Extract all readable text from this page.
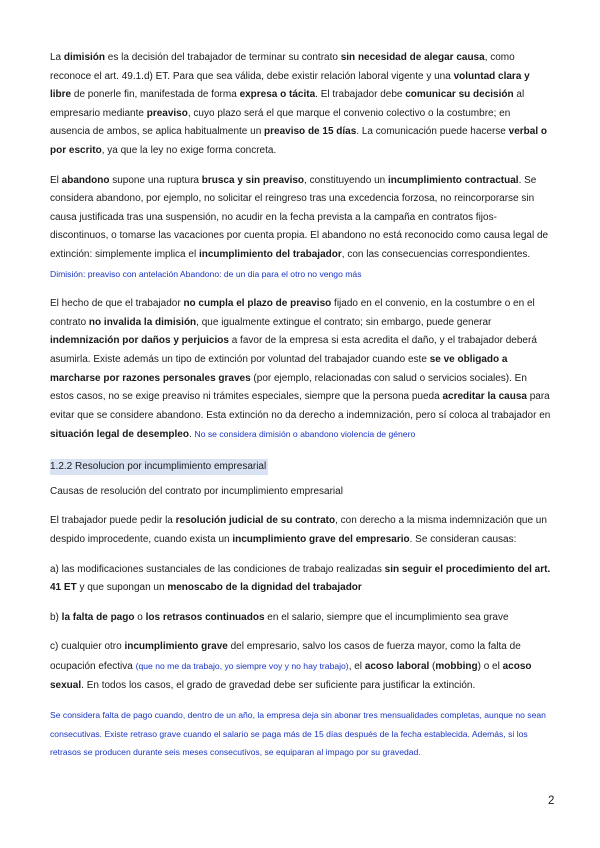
La dimisión es la decisión del trabajador de terminar su contrato sin necesidad de alegar causa, como reconoce el art. 49.1.d) ET. Para que sea válida, debe existir relación laboral vigente y una voluntad clara y libre de ponerle fin, manifestada de forma expresa o tácita. El trabajador debe comunicar su decisión al empresario mediante preaviso, cuyo plazo será el que marque el convenio colectivo o la costumbre; en ausencia de ambos, se aplica habitualmente un preaviso de 15 días. La comunicación puede hacerse verbal o por escrito, ya que la ley no exige forma concreta.

El abandono supone una ruptura brusca y sin preaviso, constituyendo un incumplimiento contractual. Se considera abandono, por ejemplo, no solicitar el reingreso tras una excedencia forzosa, no reincorporarse sin causa justificada tras una suspensión, no acudir en la fecha prevista a la campaña en contratos fijos-discontinuos, o tomarse las vacaciones por cuenta propia. El abandono no está reconocido como causa legal de extinción: simplemente implica el incumplimiento del trabajador, con las consecuencias correspondientes. Dimisión: preaviso con antelación Abandono: de un dia para el otro no vengo más

El hecho de que el trabajador no cumpla el plazo de preaviso fijado en el convenio, en la costumbre o en el contrato no invalida la dimisión, que igualmente extingue el contrato; sin embargo, puede generar indemnización por daños y perjuicios a favor de la empresa si esta acredita el daño, y el trabajador deberá asumirla. Existe además un tipo de extinción por voluntad del trabajador cuando este se ve obligado a marcharse por razones personales graves (por ejemplo, relacionadas con salud o servicios sociales). En estos casos, no se exige preaviso ni trámites especiales, siempre que la persona pueda acreditar la causa para evitar que se considere abandono. Esta extinción no da derecho a indemnización, pero sí coloca al trabajador en situación legal de desempleo. No se considera dimisión o abandono violencia de género

1.2.2 Resolucion por incumplimiento empresarial

Causas de resolución del contrato por incumplimiento empresarial

El trabajador puede pedir la resolución judicial de su contrato, con derecho a la misma indemnización que un despido improcedente, cuando exista un incumplimiento grave del empresario. Se consideran causas:

a) las modificaciones sustanciales de las condiciones de trabajo realizadas sin seguir el procedimiento del art. 41 ET y que supongan un menoscabo de la dignidad del trabajador

b) la falta de pago o los retrasos continuados en el salario, siempre que el incumplimiento sea grave

c) cualquier otro incumplimiento grave del empresario, salvo los casos de fuerza mayor, como la falta de ocupación efectiva (que no me da trabajo, yo siempre voy y no hay trabajo), el acoso laboral (mobbing) o el acoso sexual. En todos los casos, el grado de gravedad debe ser suficiente para justificar la extinción.

Se considera falta de pago cuando, dentro de un año, la empresa deja sin abonar tres mensualidades completas, aunque no sean consecutivas. Existe retraso grave cuando el salario se paga más de 15 días después de la fecha establecida. Además, si los retrasos se producen durante seis meses consecutivos, se equiparan al impago por su gravedad.

2
